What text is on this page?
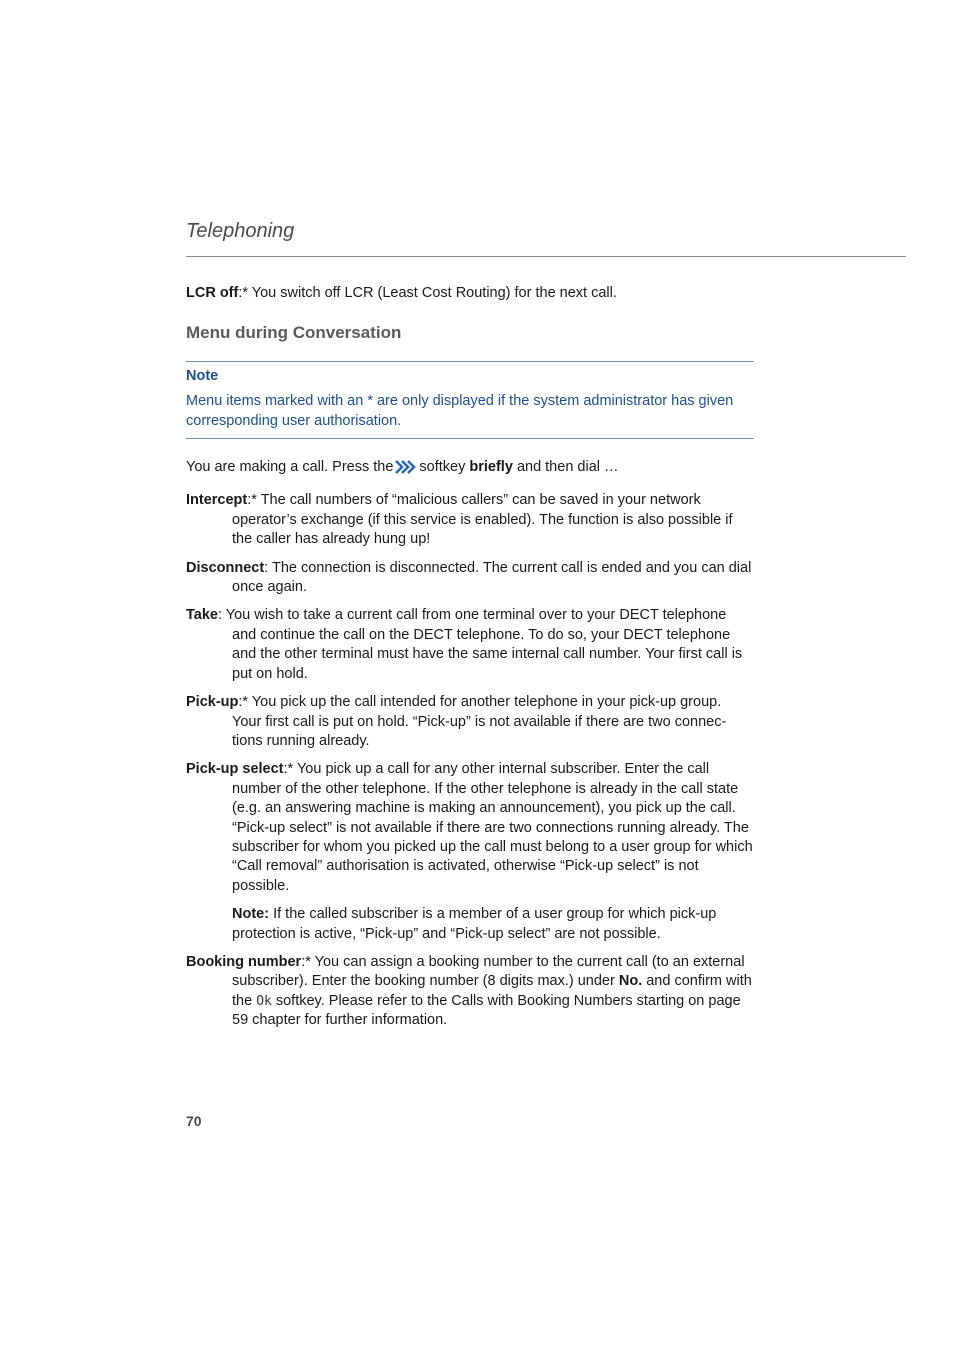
Telephoning

LCR off:* You switch off LCR (Least Cost Routing) for the next call.

Menu during Conversation
Note
Menu items marked with an * are only displayed if the system administrator has given corresponding user authorisation.

You are making a call. Press the softkey briefly and then dial …

Intercept:* The call numbers of “malicious callers” can be saved in your network operator’s exchange (if this service is enabled). The function is also possible if the caller has already hung up!

Disconnect: The connection is disconnected. The current call is ended and you can dial once again.

Take: You wish to take a current call from one terminal over to your DECT telephone and continue the call on the DECT telephone. To do so, your DECT telephone and the other terminal must have the same internal call number. Your first call is put on hold.

Pick-up:* You pick up the call intended for another telephone in your pick-up group. Your first call is put on hold. “Pick-up” is not available if there are two connec-tions running already.

Pick-up select:* You pick up a call for any other internal subscriber. Enter the call number of the other telephone. If the other telephone is already in the call state (e.g. an answering machine is making an announcement), you pick up the call. “Pick-up select” is not available if there are two connections running already. The subscriber for whom you picked up the call must belong to a user group for which “Call removal” authorisation is activated, otherwise “Pick-up select” is not possible.

Note: If the called subscriber is a member of a user group for which pick-up protection is active, “Pick-up” and “Pick-up select” are not possible.

Booking number:* You can assign a booking number to the current call (to an external subscriber). Enter the booking number (8 digits max.) under No. and confirm with the Ok softkey. Please refer to the Calls with Booking Numbers starting on page 59 chapter for further information.

70
